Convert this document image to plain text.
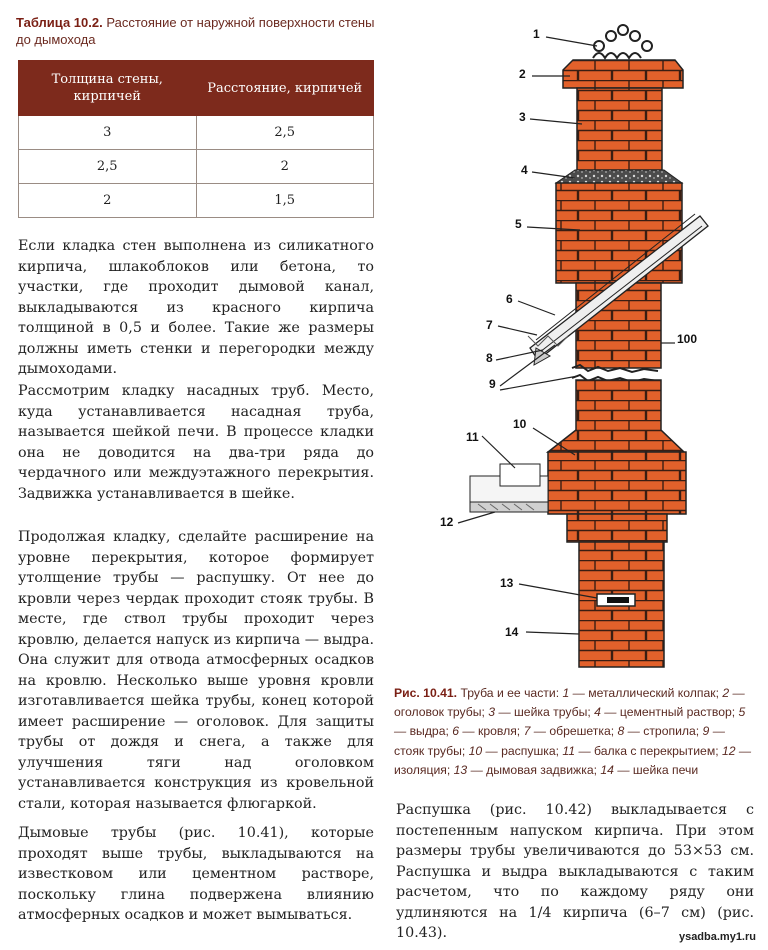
Таблица 10.2. Расстояние от наружной поверхности стены до дымохода
Толщина стены, кирпичей	Расстояние, кирпичей
3	2,5
2,5	2
2	1,5

Если кладка стен выполнена из силикатного кирпича, шлакоблоков или бетона, то участки, где проходит дымовой канал, выкладываются из красного кирпича толщиной в 0,5 и более. Такие же размеры должны иметь стенки и перегородки между дымоходами.

Рассмотрим кладку насадных труб. Место, куда устанавливается насадная труба, называется шейкой печи. В процессе кладки она не доводится на два-три ряда до чердачного или междуэтажного перекрытия. Задвижка устанавливается в шейке.

Продолжая кладку, сделайте расширение на уровне перекрытия, которое формирует утолщение трубы — распушку. От нее до кровли через чердак проходит стояк трубы. В месте, где ствол трубы проходит через кровлю, делается напуск из кирпича — выдра. Она служит для отвода атмосферных осадков на кровлю. Несколько выше уровня кровли изготавливается шейка трубы, конец которой имеет расширение — оголовок. Для защиты трубы от дождя и снега, а также для улучшения тяги над оголовком устанавливается конструкция из кровельной стали, которая называется флюгаркой.

Дымовые трубы (рис. 10.41), которые проходят выше трубы, выкладываются на известковом или цементном растворе, поскольку глина подвержена влиянию атмосферных осадков и может вымываться.

Распушка (рис. 10.42) выкладывается с постепенным напуском кирпича. При этом размеры трубы увеличиваются до 53×53 см. Распушка и выдра выкладываются с таким расчетом, что по каждому ряду они удлиняются на 1/4 кирпича (6–7 см) (рис. 10.43).

1
2
3
4
5
6
7
8
9
10
11
12
13
14
100
Рис. 10.41. Труба и ее части: 1 — металлический колпак; 2 — оголовок трубы; 3 — шейка трубы; 4 — цементный раствор; 5 — выдра; 6 — кровля; 7 — обрешетка; 8 — стропила; 9 — стояк трубы; 10 — распушка; 11 — балка с перекрытием; 12 — изоляция; 13 — дымовая задвижка; 14 — шейка печи
ysadba.my1.ru
